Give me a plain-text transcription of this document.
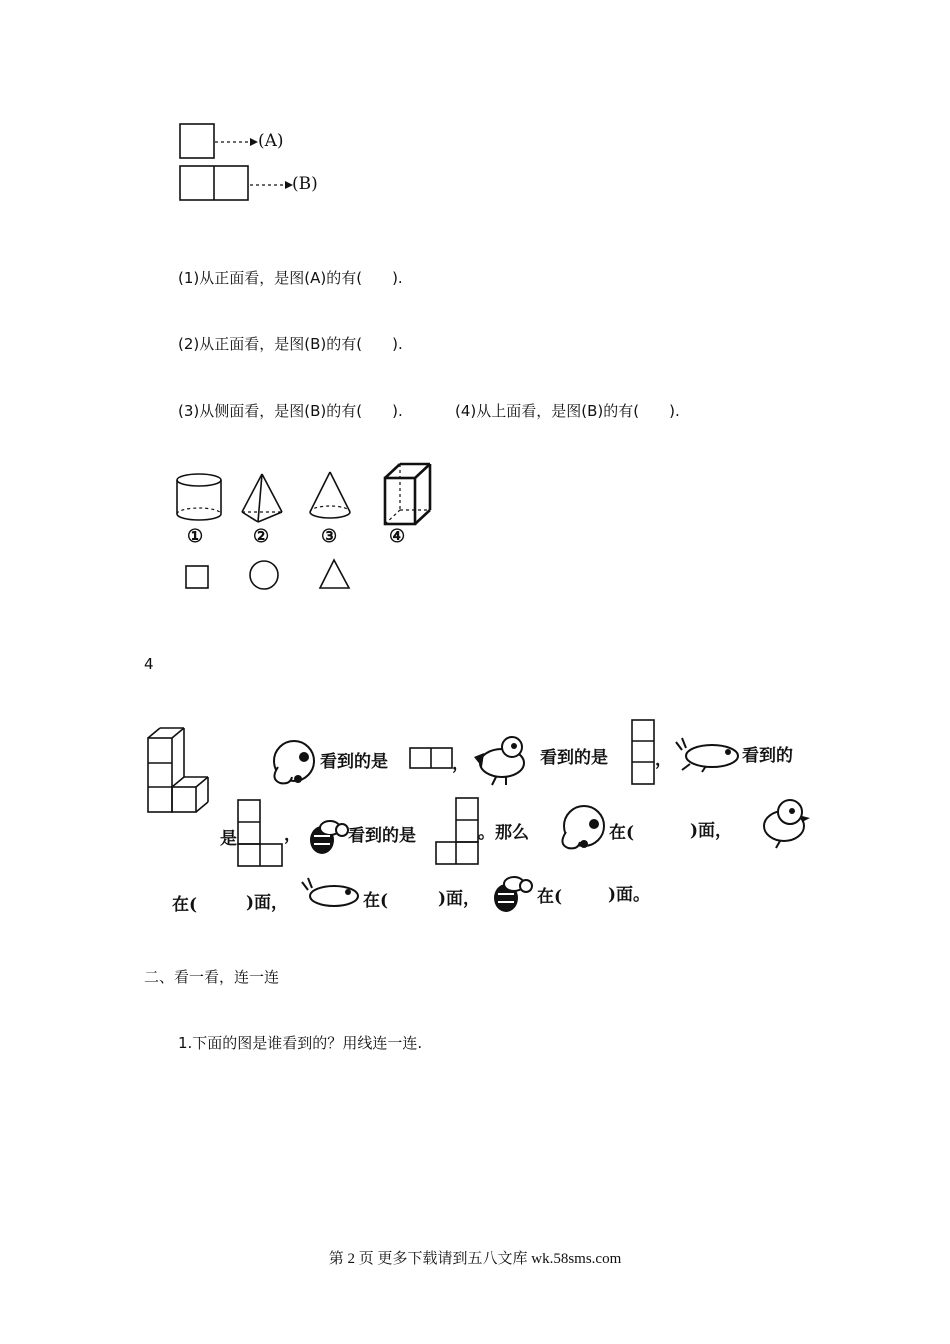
(A)
(B)
(1)从正面看，是图(A)的有(　　).
(2)从正面看，是图(B)的有(　　).
(3)从侧面看，是图(B)的有(　　).	(4)从上面看，是图(B)的有(　　).
①	②	③	④
4
看到的是	，	看到的是	，	看到的
是	，	看到的是	。那么	在(	)面，
在(	)面，	在(	)面，	在(	)面。
二、看一看，连一连
1.下面的图是谁看到的？用线连一连.
第 2 页 更多下载请到五八文库 wk.58sms.com
